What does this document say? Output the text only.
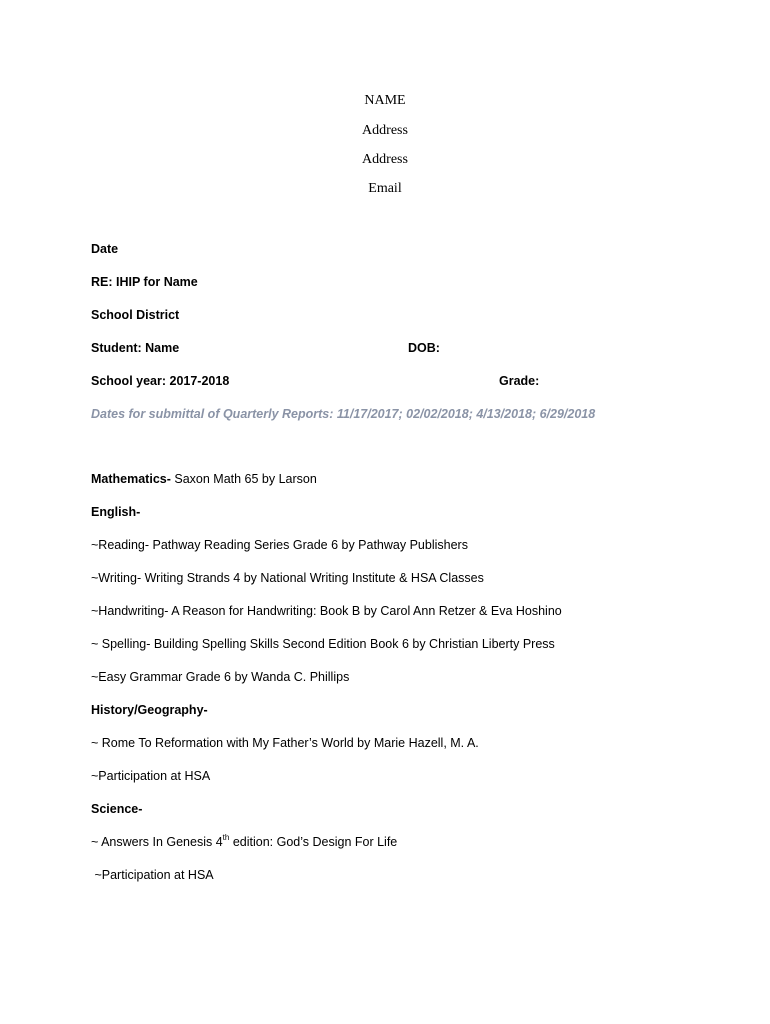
NAME
Address
Address
Email
Date
RE: IHIP for Name
School District
Student: Name	DOB:
School year: 2017-2018	Grade:
Dates for submittal of Quarterly Reports: 11/17/2017; 02/02/2018; 4/13/2018; 6/29/2018
Mathematics- Saxon Math 65 by Larson
English-
~Reading- Pathway Reading Series Grade 6 by Pathway Publishers
~Writing- Writing Strands 4 by National Writing Institute & HSA Classes
~Handwriting- A Reason for Handwriting: Book B by Carol Ann Retzer & Eva Hoshino
~ Spelling- Building Spelling Skills Second Edition Book 6 by Christian Liberty Press
~Easy Grammar Grade 6 by Wanda C. Phillips
History/Geography-
~ Rome To Reformation with My Father’s World by Marie Hazell, M. A.
~Participation at HSA
Science-
~ Answers In Genesis 4th edition: God’s Design For Life
~Participation at HSA
